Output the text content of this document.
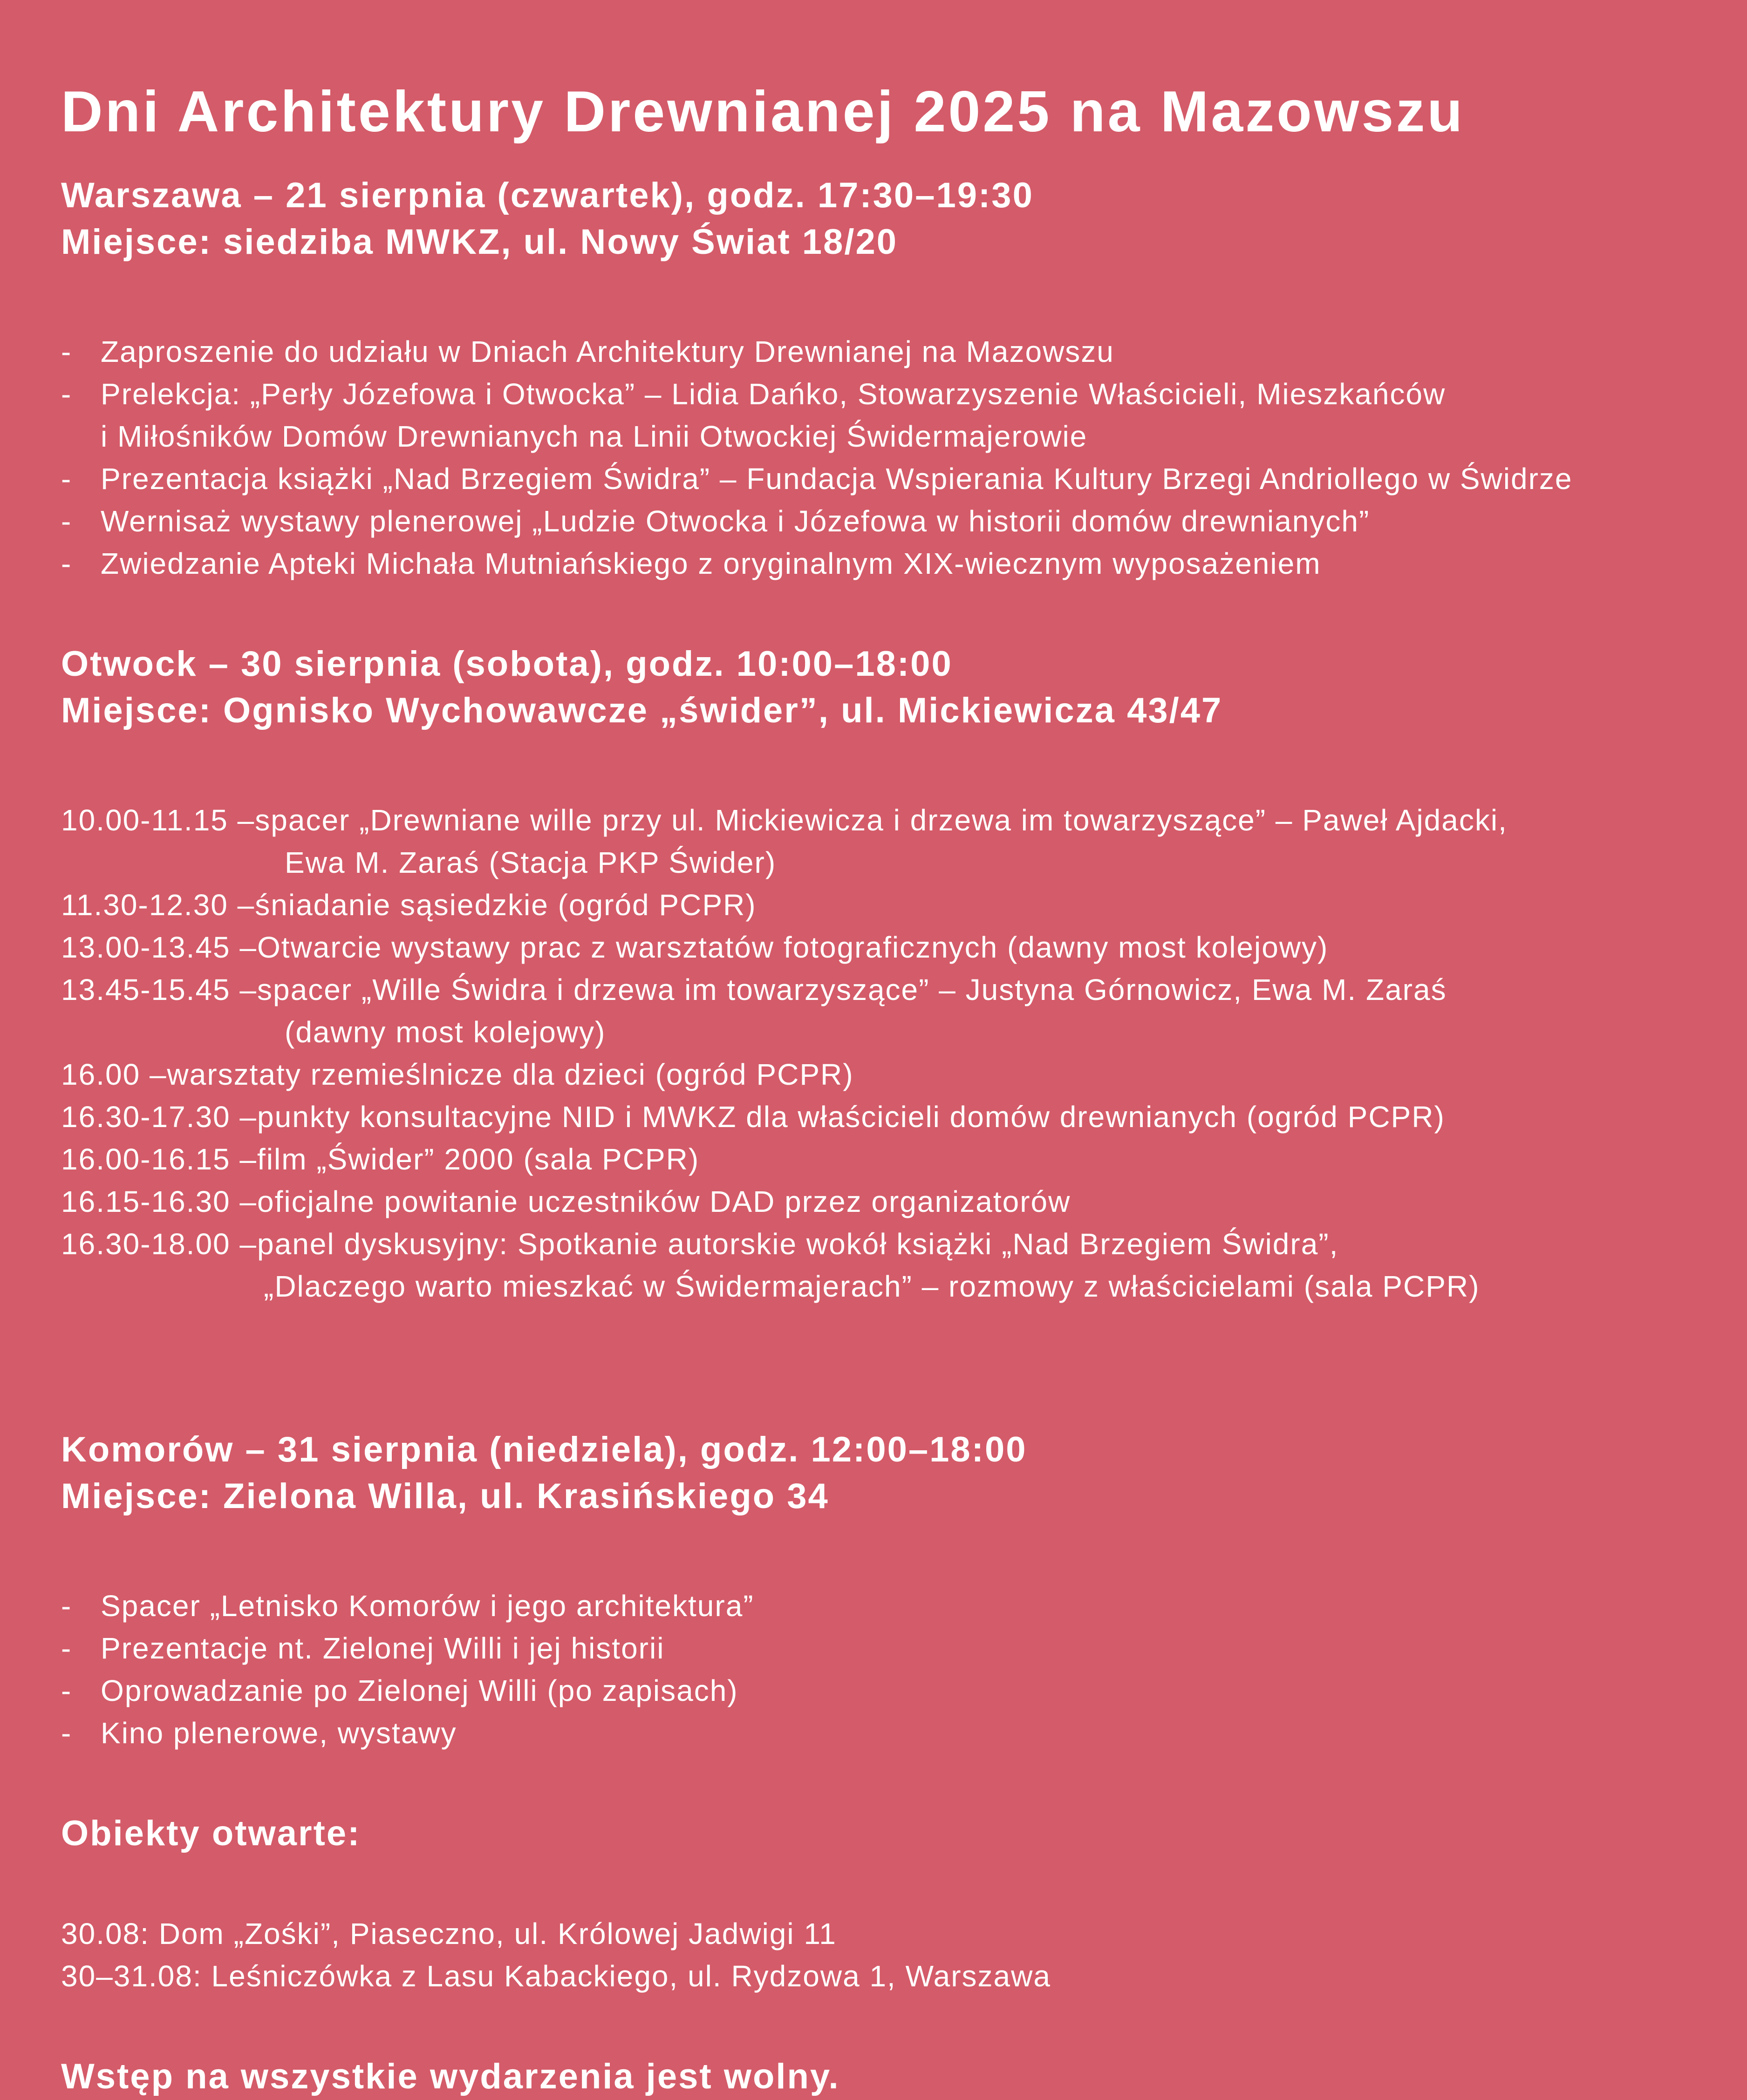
Dni Architektury Drewnianej 2025 na Mazowszu
Warszawa – 21 sierpnia (czwartek), godz. 17:30–19:30
Miejsce: siedziba MWKZ, ul. Nowy Świat 18/20
- Zaproszenie do udziału w Dniach Architektury Drewnianej na Mazowszu
- Prelekcja: „Perły Józefowa i Otwocka” – Lidia Dańko, Stowarzyszenie Właścicieli, Mieszkańców
i Miłośników Domów Drewnianych na Linii Otwockiej Świdermajerowie
- Prezentacja książki „Nad Brzegiem Świdra” – Fundacja Wspierania Kultury Brzegi Andriollego w Świdrze
- Wernisaż wystawy plenerowej „Ludzie Otwocka i Józefowa w historii domów drewnianych”
- Zwiedzanie Apteki Michała Mutniańskiego z oryginalnym XIX-wiecznym wyposażeniem
Otwock – 30 sierpnia (sobota), godz. 10:00–18:00
Miejsce: Ognisko Wychowawcze „świder”, ul. Mickiewicza 43/47
10.00-11.15 – spacer „Drewniane wille przy ul. Mickiewicza i drzewa im towarzyszące” – Paweł Ajdacki,
Ewa M. Zaraś (Stacja PKP Świder)
11.30-12.30 – śniadanie sąsiedzkie (ogród PCPR)
13.00-13.45 – Otwarcie wystawy prac z warsztatów fotograficznych (dawny most kolejowy)
13.45-15.45 – spacer „Wille Świdra i drzewa im towarzyszące” – Justyna Górnowicz, Ewa M. Zaraś
(dawny most kolejowy)
16.00 – warsztaty rzemieślnicze dla dzieci (ogród PCPR)
16.30-17.30 – punkty konsultacyjne NID i MWKZ dla właścicieli domów drewnianych (ogród PCPR)
16.00-16.15 – film „Świder” 2000 (sala PCPR)
16.15-16.30 – oficjalne powitanie uczestników DAD przez organizatorów
16.30-18.00 – panel dyskusyjny: Spotkanie autorskie wokół książki „Nad Brzegiem Świdra”,
„Dlaczego warto mieszkać w Świdermajerach” – rozmowy z właścicielami (sala PCPR)
Komorów – 31 sierpnia (niedziela), godz. 12:00–18:00
Miejsce: Zielona Willa, ul. Krasińskiego 34
- Spacer „Letnisko Komorów i jego architektura”
- Prezentacje nt. Zielonej Willi i jej historii
- Oprowadzanie po Zielonej Willi (po zapisach)
- Kino plenerowe, wystawy
Obiekty otwarte:
30.08: Dom „Zośki”, Piaseczno, ul. Królowej Jadwigi 11
30–31.08: Leśniczówka z Lasu Kabackiego, ul. Rydzowa 1, Warszawa
Wstęp na wszystkie wydarzenia jest wolny.
